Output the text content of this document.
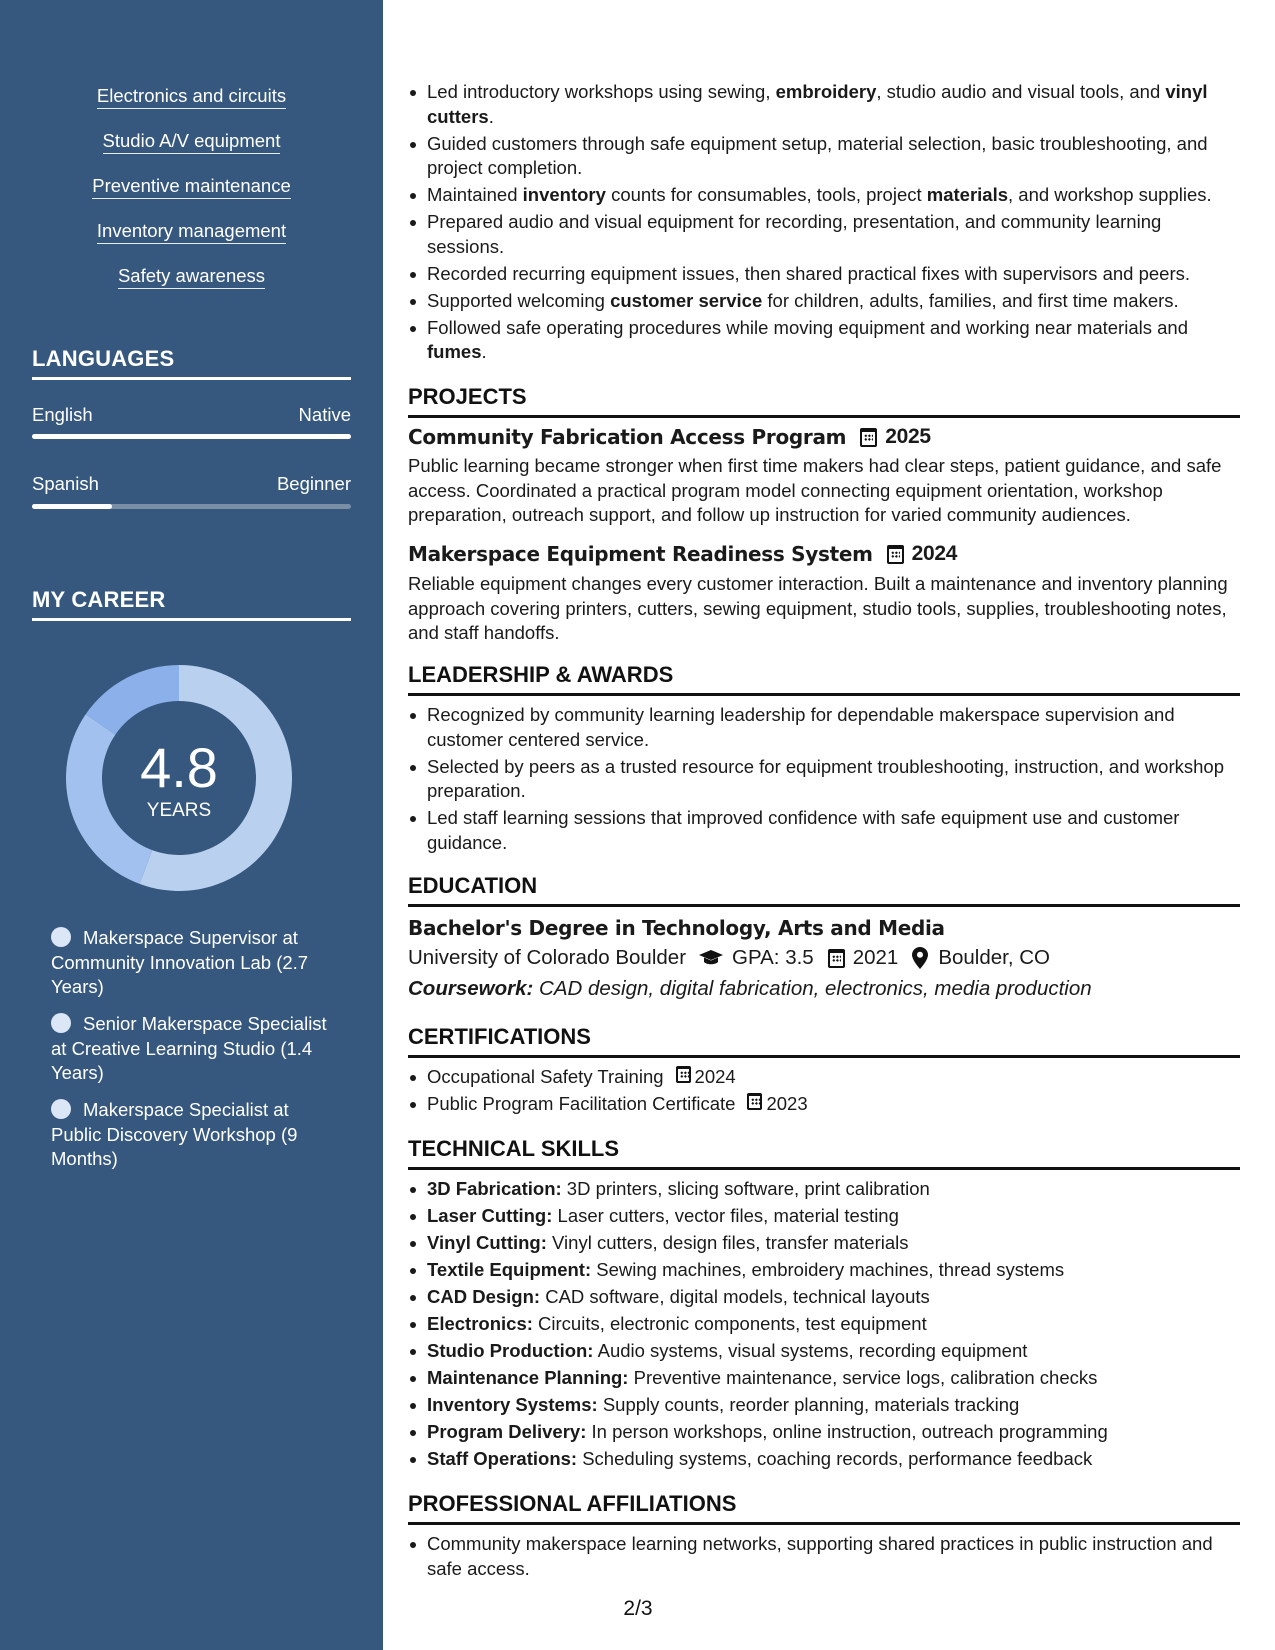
Electronics and circuits
Studio A/V equipment
Preventive maintenance
Inventory management
Safety awareness
LANGUAGES
English	Native
Spanish	Beginner
MY CAREER
4.8
YEARS
Makerspace Supervisor at Community Innovation Lab (2.7 Years)
Senior Makerspace Specialist at Creative Learning Studio (1.4 Years)
Makerspace Specialist at Public Discovery Workshop (9 Months)
Led introductory workshops using sewing, embroidery, studio audio and visual tools, and vinyl cutters.
Guided customers through safe equipment setup, material selection, basic troubleshooting, and project completion.
Maintained inventory counts for consumables, tools, project materials, and workshop supplies.
Prepared audio and visual equipment for recording, presentation, and community learning sessions.
Recorded recurring equipment issues, then shared practical fixes with supervisors and peers.
Supported welcoming customer service for children, adults, families, and first time makers.
Followed safe operating procedures while moving equipment and working near materials and fumes.
PROJECTS
Community Fabrication Access Program 2025
Public learning became stronger when first time makers had clear steps, patient guidance, and safe access. Coordinated a practical program model connecting equipment orientation, workshop preparation, outreach support, and follow up instruction for varied community audiences.
Makerspace Equipment Readiness System 2024
Reliable equipment changes every customer interaction. Built a maintenance and inventory planning approach covering printers, cutters, sewing equipment, studio tools, supplies, troubleshooting notes, and staff handoffs.
LEADERSHIP & AWARDS
Recognized by community learning leadership for dependable makerspace supervision and customer centered service.
Selected by peers as a trusted resource for equipment troubleshooting, instruction, and workshop preparation.
Led staff learning sessions that improved confidence with safe equipment use and customer guidance.
EDUCATION
Bachelor's Degree in Technology, Arts and Media
University of Colorado Boulder GPA: 3.5 2021 Boulder, CO
Coursework: CAD design, digital fabrication, electronics, media production
CERTIFICATIONS
Occupational Safety Training 2024
Public Program Facilitation Certificate 2023
TECHNICAL SKILLS
3D Fabrication: 3D printers, slicing software, print calibration
Laser Cutting: Laser cutters, vector files, material testing
Vinyl Cutting: Vinyl cutters, design files, transfer materials
Textile Equipment: Sewing machines, embroidery machines, thread systems
CAD Design: CAD software, digital models, technical layouts
Electronics: Circuits, electronic components, test equipment
Studio Production: Audio systems, visual systems, recording equipment
Maintenance Planning: Preventive maintenance, service logs, calibration checks
Inventory Systems: Supply counts, reorder planning, materials tracking
Program Delivery: In person workshops, online instruction, outreach programming
Staff Operations: Scheduling systems, coaching records, performance feedback
PROFESSIONAL AFFILIATIONS
Community makerspace learning networks, supporting shared practices in public instruction and safe access.
2/3
